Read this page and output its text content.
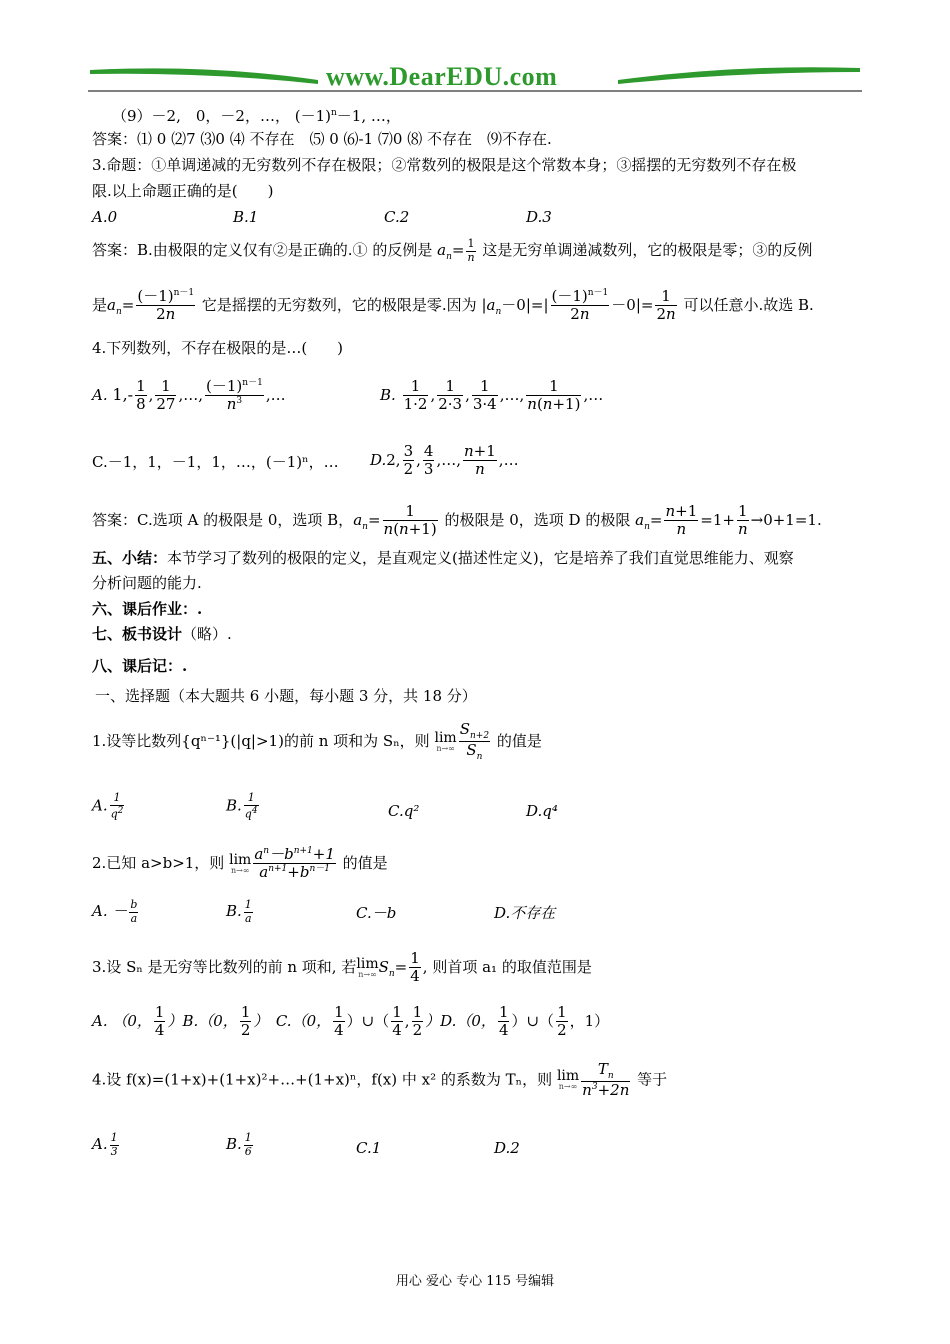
www.DearEDU.com
（9）－2,　0，－2，…， $(-1)^n-1$, …，
答案：⑴ 0 ⑵7 ⑶0 ⑷ 不存在　⑸ 0 ⑹-1 ⑺0 ⑻ 不存在　⑼不存在.
3.命题：①单调递减的无穷数列不存在极限；②常数列的极限是这个常数本身；③摇摆的无穷数列不存在极
限.以上命题正确的是(　　)
A.0	B.1	C.2	D.3
答案：B.由极限的定义仅有②是正确的.① 的反例是 $a_n= \frac{1}{n}$ 这是无穷单调递减数列，它的极限是零；③的反例
是$a_n= \frac{(-1)^{n-1}}{2n}$ 它是摇摆的无穷数列，它的极限是零.因为 $|a_n-0|=| \frac{(-1)^{n-1}}{2n} -0|= \frac{1}{2n}$ 可以任意小.故选 B.
4.下列数列，不存在极限的是…(　　)
A. $1,- \frac{1}{8}$ , $\frac{1}{27}$ ,…, $\frac{(-1)^{n-1}}{n^3}$ ,…	B. $\frac{1}{1\cdot 2}$ , $\frac{1}{2\cdot 3}$ , $\frac{1}{3\cdot 4}$ ,…, $\frac{1}{n(n+1)}$ ,…
C.－1，1，－1，1，…，(－1)ⁿ，… D.2, $\frac{3}{2}$ , $\frac{4}{3}$ ,…, $\frac{n+1}{n}$ ,…
答案：C.选项 A 的极限是 0，选项 B，$a_n= \frac{1}{n(n+1)}$ 的极限是 0，选项 D 的极限 $a_n= \frac{n+1}{n} =1+ \frac{1}{n} \to 0+1=1$.
五、小结：本节学习了数列的极限的定义，是直观定义(描述性定义)，它是培养了我们直觉思维能力、观察
分析问题的能力.
六、课后作业：.
七、板书设计（略）.
八、课后记：.
一、选择题（本大题共 6 小题，每小题 3 分，共 18 分）
1.设等比数列{qⁿ⁻¹}(|q|>1)的前 n 项和为 Sₙ，则 lim
$n\to\infty \frac{S_{n+2}}{S_n}$ 的值是
A. $\frac{1}{q^2}$	B. $\frac{1}{q^4}$	C.q²	D.q⁴
2.已知 a>b>1，则 lim
$n\to\infty \frac{a^n-b^{n+1}+1}{a^{n+1}+b^{n-1}}$ 的值是
A. － $\frac{b}{a}$	B. $\frac{1}{a}$	C.－b	D.不存在
3.设 Sₙ 是无穷等比数列的前 n 项和, 若 lim
n→∞ $S_n= \frac{1}{4}$ , 则首项 a₁ 的取值范围是
A. （0， $\frac{1}{4} )B.(0$， $\frac{1}{2}$ ）　C.（0， $\frac{1}{4}$ ）∪（ $\frac{1}{4}$ , $\frac{1}{2} )D.(0$， $\frac{1}{4}$ ）∪（ $\frac{1}{2}$ ，1）
4.设 f(x)=(1+x)+(1+x)²+…+(1+x)ⁿ，f(x) 中 x² 的系数为 Tₙ，则 lim
$n\to\infty \frac{T_n}{n^3+2n}$ 等于
A. $\frac{1}{3}$	B. $\frac{1}{6}$	C.1	D.2
用心 爱心 专心 115 号编辑
